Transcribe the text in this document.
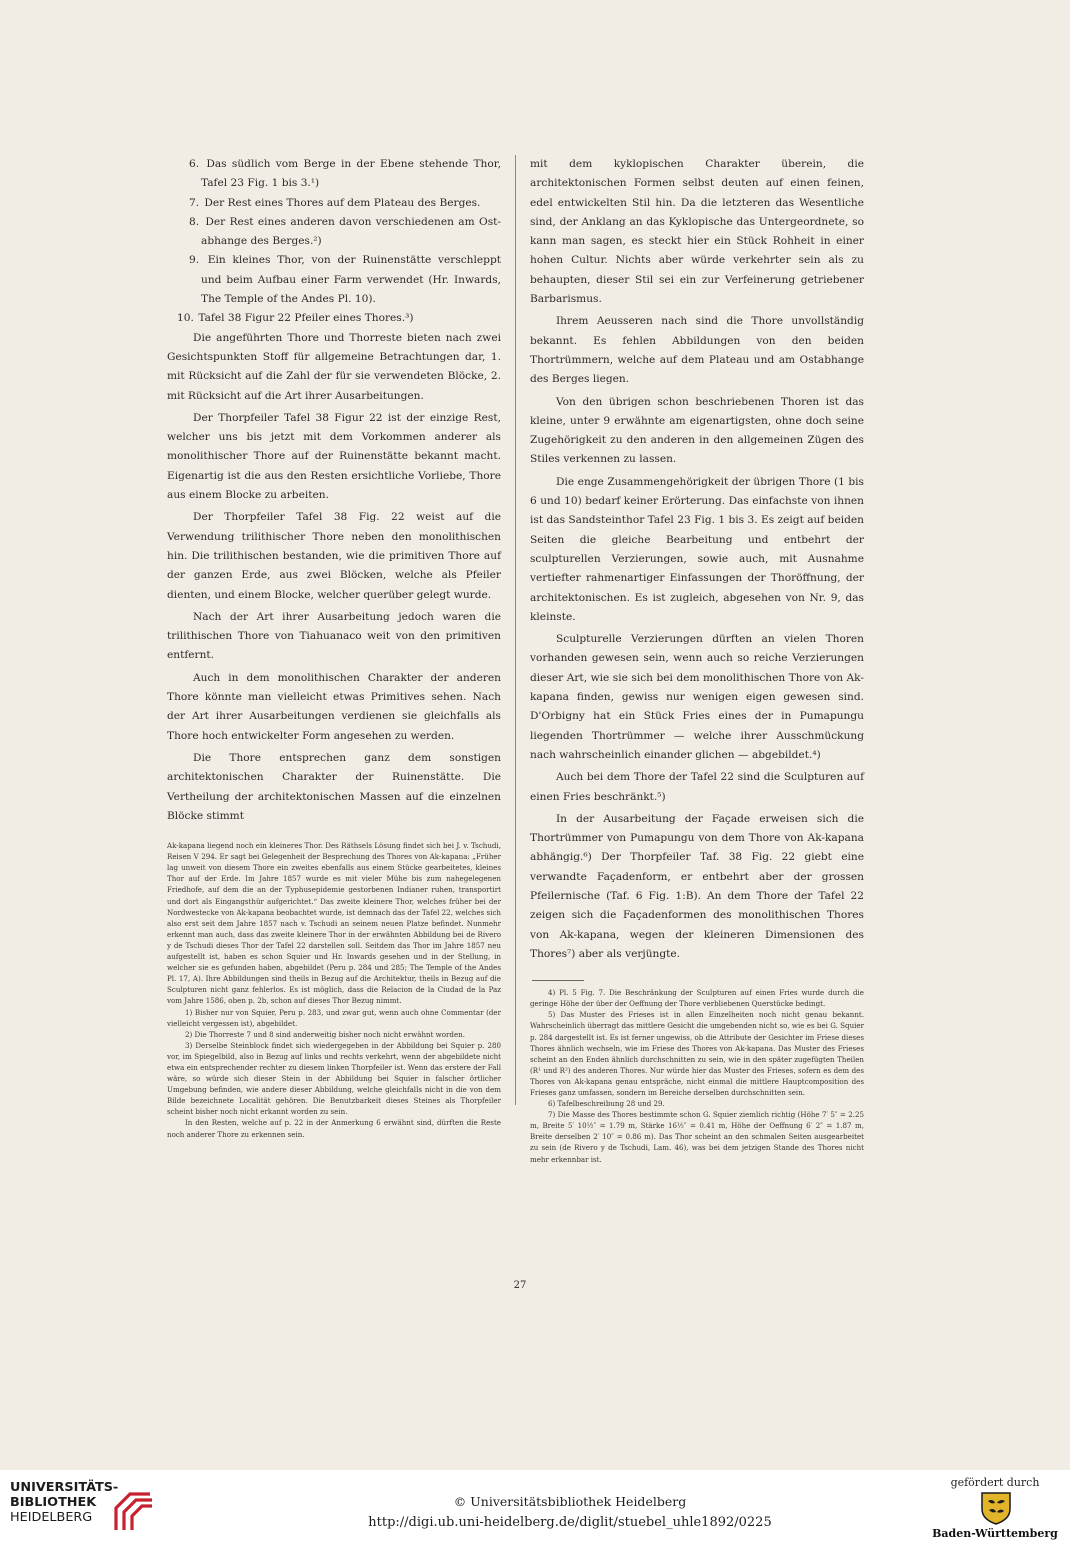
6. Das südlich vom Berge in der Ebene stehende Thor, Tafel 23 Fig. 1 bis 3.¹)
7. Der Rest eines Thores auf dem Plateau des Berges.
8. Der Rest eines anderen davon verschiedenen am Ost-abhange des Berges.²)
9. Ein kleines Thor, von der Ruinenstätte verschleppt und beim Aufbau einer Farm verwendet (Hr. Inwards, The Temple of the Andes Pl. 10).
10. Tafel 38 Figur 22 Pfeiler eines Thores.³)

Die angeführten Thore und Thorreste bieten nach zwei Gesichtspunkten Stoff für allgemeine Betrachtungen dar, 1. mit Rücksicht auf die Zahl der für sie verwendeten Blöcke, 2. mit Rücksicht auf die Art ihrer Ausarbeitungen.

Der Thorpfeiler Tafel 38 Figur 22 ist der einzige Rest, welcher uns bis jetzt mit dem Vorkommen anderer als monolithischer Thore auf der Ruinenstätte bekannt macht. Eigenartig ist die aus den Resten ersichtliche Vorliebe, Thore aus einem Blocke zu arbeiten.

Der Thorpfeiler Tafel 38 Fig. 22 weist auf die Verwendung trilithischer Thore neben den monolithischen hin. Die trilithischen bestanden, wie die primitiven Thore auf der ganzen Erde, aus zwei Blöcken, welche als Pfeiler dienten, und einem Blocke, welcher querüber gelegt wurde.

Nach der Art ihrer Ausarbeitung jedoch waren die trilithischen Thore von Tiahuanaco weit von den primitiven entfernt.

Auch in dem monolithischen Charakter der anderen Thore könnte man vielleicht etwas Primitives sehen. Nach der Art ihrer Ausarbeitungen verdienen sie gleichfalls als Thore hoch entwickelter Form angesehen zu werden.

Die Thore entsprechen ganz dem sonstigen architektonischen Charakter der Ruinenstätte. Die Vertheilung der architektonischen Massen auf die einzelnen Blöcke stimmt

Ak-kapana liegend noch ein kleineres Thor. Des Räthsels Lösung findet sich bei J. v. Tschudi, Reisen V 294. Er sagt bei Gelegenheit der Besprechung des Thores von Ak-kapana: „Früher lag unweit von diesem Thore ein zweites ebenfalls aus einem Stücke gearbeitetes, kleines Thor auf der Erde. Im Jahre 1857 wurde es mit vieler Mühe bis zum nahegelegenen Friedhofe, auf dem die an der Typhusepidemie gestorbenen Indianer ruhen, transportirt und dort als Eingangsthür aufgerichtet.“ Das zweite kleinere Thor, welches früher bei der Nordwestecke von Ak-kapana beobachtet wurde, ist demnach das der Tafel 22, welches sich also erst seit dem Jahre 1857 nach v. Tschudi an seinem neuen Platze befindet. Nunmehr erkennt man auch, dass das zweite kleinere Thor in der erwähnten Abbildung bei de Rivero y de Tschudi dieses Thor der Tafel 22 darstellen soll. Seitdem das Thor im Jahre 1857 neu aufgestellt ist, haben es schon Squier und Hr. Inwards gesehen und in der Stellung, in welcher sie es gefunden haben, abgebildet (Peru p. 284 und 285; The Temple of the Andes Pl. 17, A). Ihre Abbildungen sind theils in Bezug auf die Architektur, theils in Bezug auf die Sculpturen nicht ganz fehlerlos. Es ist möglich, dass die Relacion de la Ciudad de la Paz vom Jahre 1586, oben p. 2b, schon auf dieses Thor Bezug nimmt.

1) Bisher nur von Squier, Peru p. 283, und zwar gut, wenn auch ohne Commentar (der vielleicht vergessen ist), abgebildet.

2) Die Thorreste 7 und 8 sind anderweitig bisher noch nicht erwähnt worden.

3) Derselbe Steinblock findet sich wiedergegeben in der Abbildung bei Squier p. 280 vor, im Spiegelbild, also in Bezug auf links und rechts verkehrt, wenn der abgebildete nicht etwa ein entsprechender rechter zu diesem linken Thorpfeiler ist. Wenn das erstere der Fall wäre, so würde sich dieser Stein in der Abbildung bei Squier in falscher örtlicher Umgebung befinden, wie andere dieser Abbildung, welche gleichfalls nicht in die von dem Bilde bezeichnete Localität gehören. Die Benutzbarkeit dieses Steines als Thorpfeiler scheint bisher noch nicht erkannt worden zu sein.

In den Resten, welche auf p. 22 in der Anmerkung 6 erwähnt sind, dürften die Reste noch anderer Thore zu erkennen sein.

mit dem kyklopischen Charakter überein, die architektonischen Formen selbst deuten auf einen feinen, edel entwickelten Stil hin. Da die letzteren das Wesentliche sind, der Anklang an das Kyklopische das Untergeordnete, so kann man sagen, es steckt hier ein Stück Rohheit in einer hohen Cultur. Nichts aber würde verkehrter sein als zu behaupten, dieser Stil sei ein zur Verfeinerung getriebener Barbarismus.

Ihrem Aeusseren nach sind die Thore unvollständig bekannt. Es fehlen Abbildungen von den beiden Thortrümmern, welche auf dem Plateau und am Ostabhange des Berges liegen.

Von den übrigen schon beschriebenen Thoren ist das kleine, unter 9 erwähnte am eigenartigsten, ohne doch seine Zugehörigkeit zu den anderen in den allgemeinen Zügen des Stiles verkennen zu lassen.

Die enge Zusammengehörigkeit der übrigen Thore (1 bis 6 und 10) bedarf keiner Erörterung. Das einfachste von ihnen ist das Sandsteinthor Tafel 23 Fig. 1 bis 3. Es zeigt auf beiden Seiten die gleiche Bearbeitung und entbehrt der sculpturellen Verzierungen, sowie auch, mit Ausnahme vertiefter rahmenartiger Einfassungen der Thoröffnung, der architektonischen. Es ist zugleich, abgesehen von Nr. 9, das kleinste.

Sculpturelle Verzierungen dürften an vielen Thoren vorhanden gewesen sein, wenn auch so reiche Verzierungen dieser Art, wie sie sich bei dem monolithischen Thore von Ak-kapana finden, gewiss nur wenigen eigen gewesen sind. D'Orbigny hat ein Stück Fries eines der in Pumapungu liegenden Thortrümmer — welche ihrer Ausschmückung nach wahrscheinlich einander glichen — abgebildet.⁴)

Auch bei dem Thore der Tafel 22 sind die Sculpturen auf einen Fries beschränkt.⁵)

In der Ausarbeitung der Façade erweisen sich die Thortrümmer von Pumapungu von dem Thore von Ak-kapana abhängig.⁶) Der Thorpfeiler Taf. 38 Fig. 22 giebt eine verwandte Façadenform, er entbehrt aber der grossen Pfeilernische (Taf. 6 Fig. 1:B). An dem Thore der Tafel 22 zeigen sich die Façadenformen des monolithischen Thores von Ak-kapana, wegen der kleineren Dimensionen des Thores⁷) aber als verjüngte.

4) Pl. 5 Fig. 7. Die Beschränkung der Sculpturen auf einen Fries wurde durch die geringe Höhe der über der Oeffnung der Thore verbliebenen Querstücke bedingt.

5) Das Muster des Frieses ist in allen Einzelheiten noch nicht genau bekannt. Wahrscheinlich überragt das mittlere Gesicht die umgebenden nicht so, wie es bei G. Squier p. 284 dargestellt ist. Es ist ferner ungewiss, ob die Attribute der Gesichter im Friese dieses Thores ähnlich wechseln, wie im Friese des Thores von Ak-kapana. Das Muster des Frieses scheint an den Enden ähnlich durchschnitten zu sein, wie in den später zugefügten Theilen (R¹ und R²) des anderen Thores. Nur würde hier das Muster des Frieses, sofern es dem des Thores von Ak-kapana genau entspräche, nicht einmal die mittlere Hauptcomposition des Frieses ganz umfassen, sondern im Bereiche derselben durchschnitten sein.

6) Tafelbeschreibung 28 und 29.

7) Die Masse des Thores bestimmte schon G. Squier ziemlich richtig (Höhe 7′ 5″ = 2.25 m, Breite 5′ 10½″ = 1.79 m, Stärke 16½″ = 0.41 m, Höhe der Oeffnung 6′ 2″ = 1.87 m, Breite derselben 2′ 10″ = 0.86 m). Das Thor scheint an den schmalen Seiten ausgearbeitet zu sein (de Rivero y de Tschudi, Lam. 46), was bei dem jetzigen Stande des Thores nicht mehr erkennbar ist.

27
UNIVERSITÄTS-
BIBLIOTHEK
HEIDELBERG
© Universitätsbibliothek Heidelberg
http://digi.ub.uni-heidelberg.de/diglit/stuebel_uhle1892/0225
gefördert durch
Baden-Württemberg
